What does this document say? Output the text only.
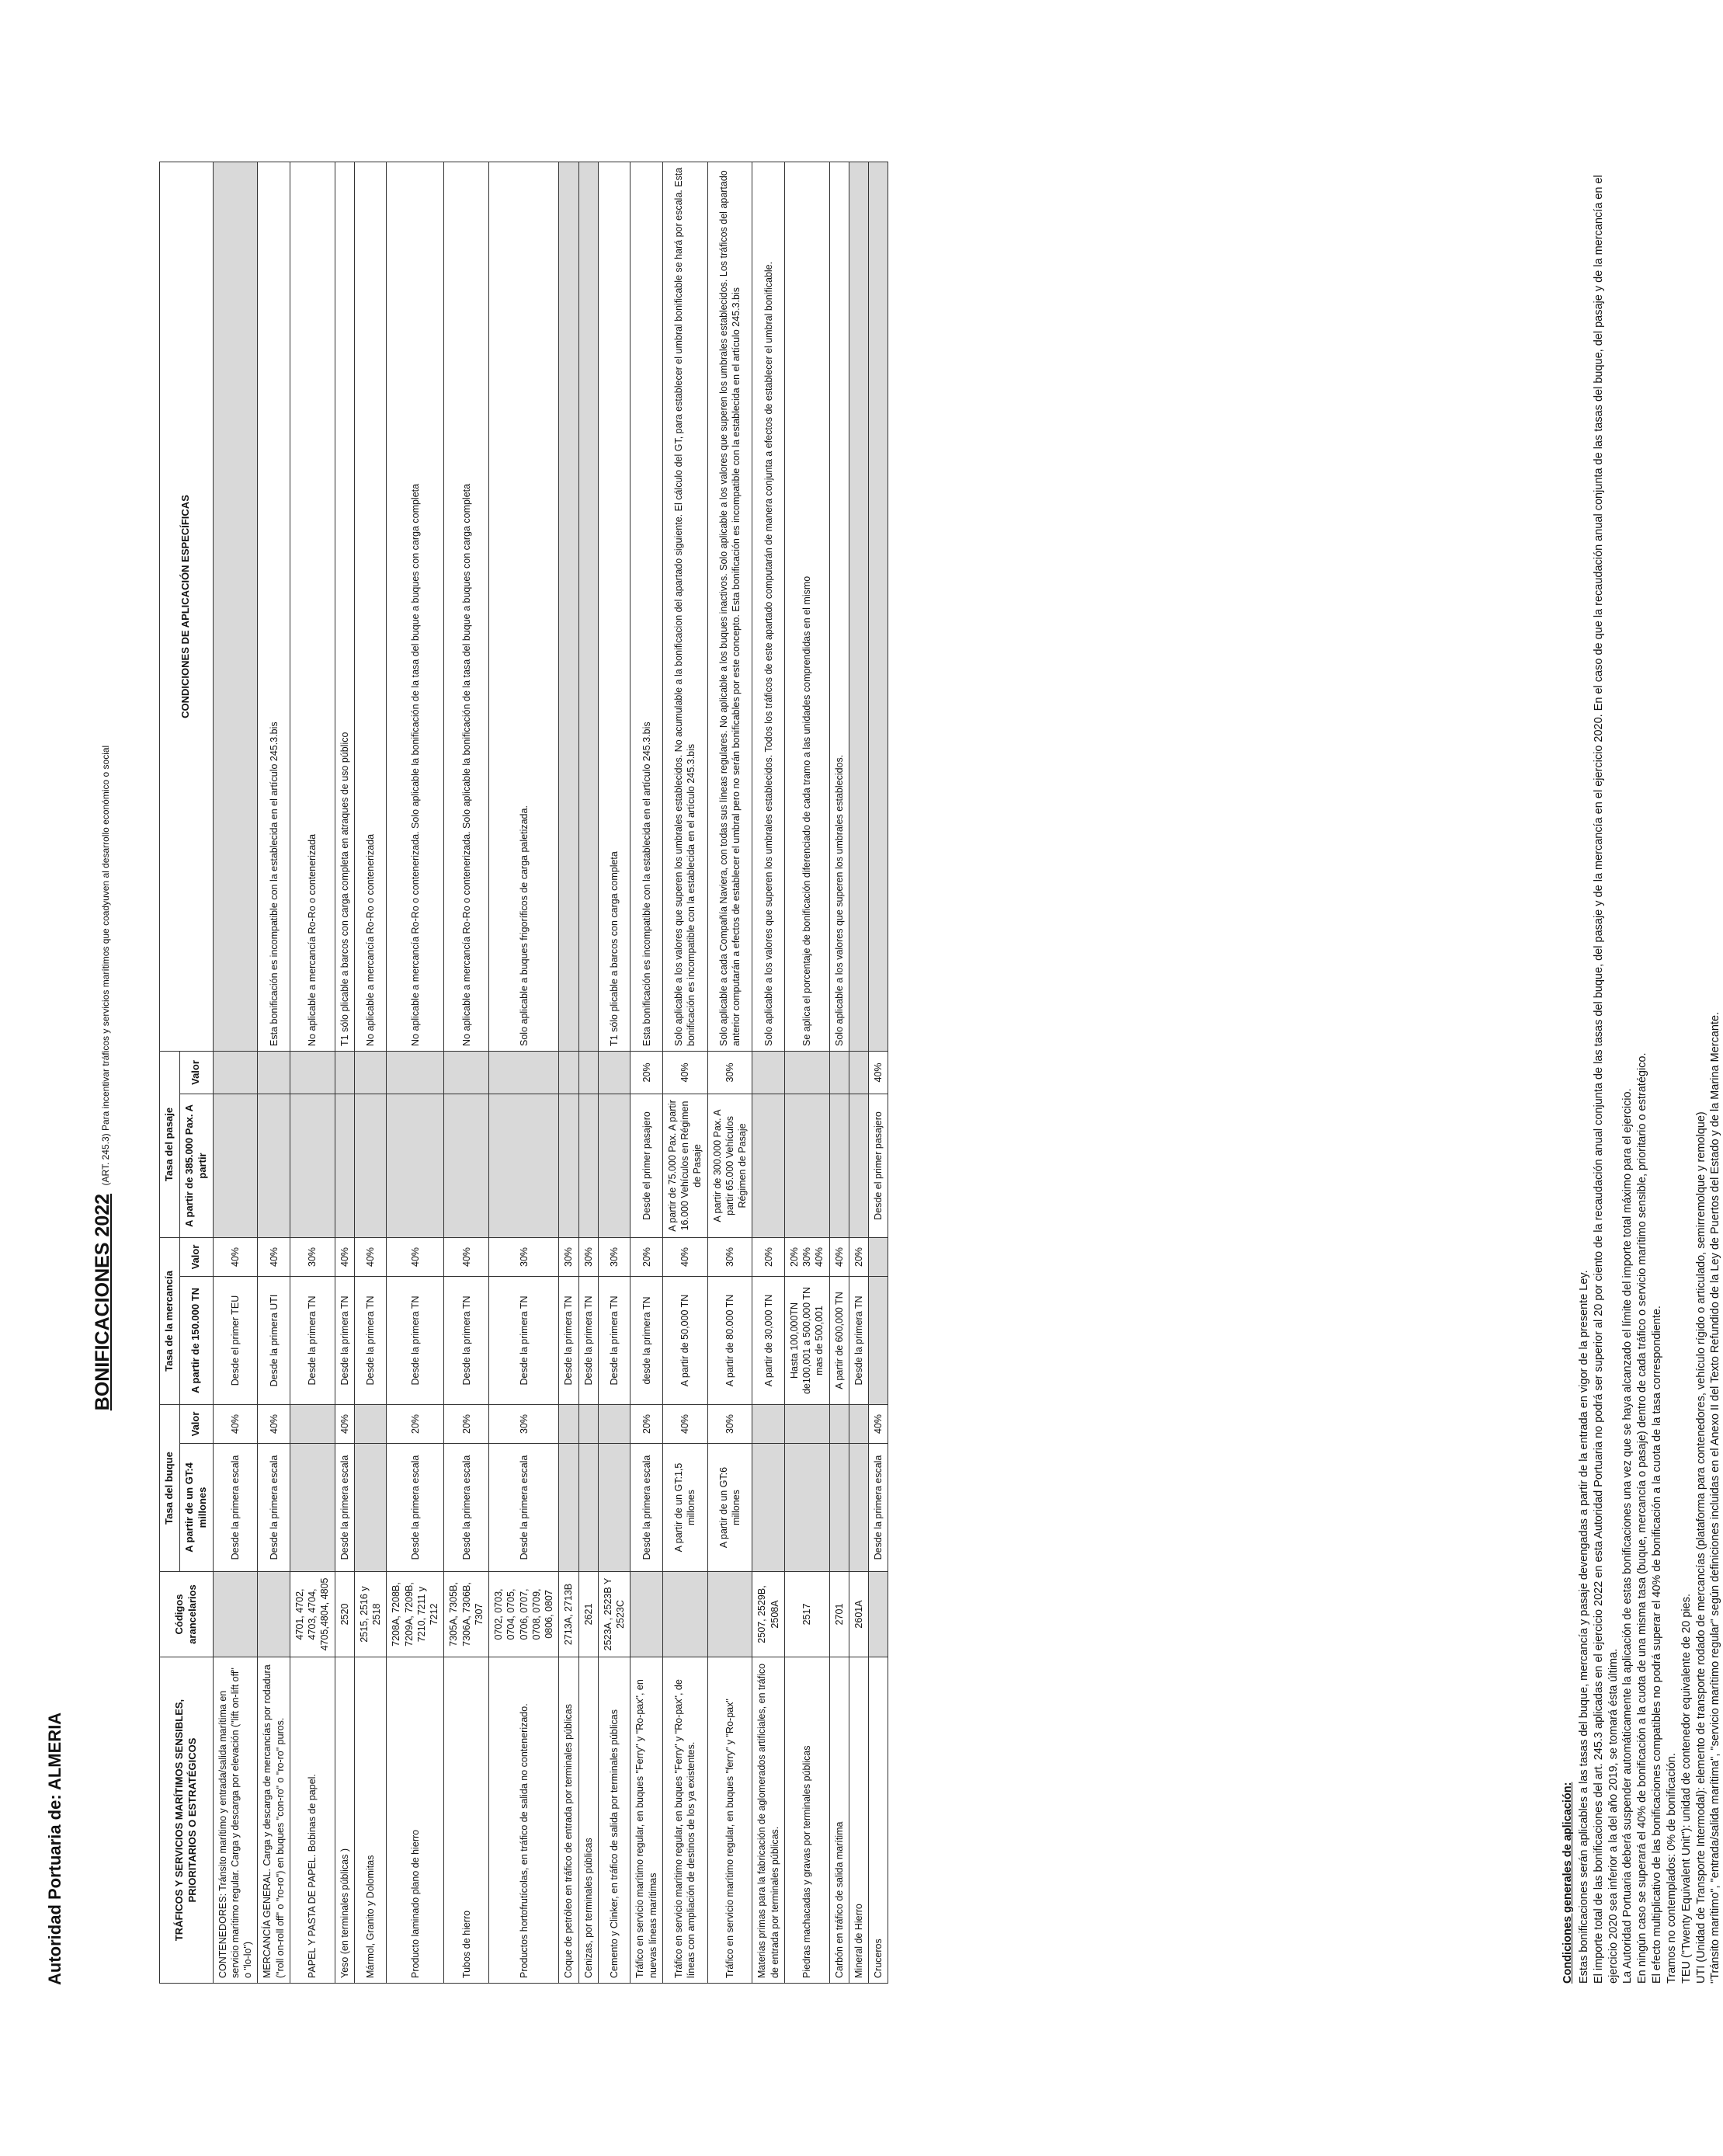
Autoridad Portuaria de: ALMERIA
BONIFICACIONES 2022 (ART. 245.3) Para incentivar tráficos y servicios marítimos que coadyuven al desarrollo económico o social
TRÁFICOS Y SERVICIOS MARÍTIMOS SENSIBLES, PRIORITARIOS O ESTRATÉGICOS	Códigos arancelarios	Tasa del buque		Tasa de la mercancía		Tasa del pasaje		CONDICIONES DE APLICACIÓN ESPECÍFICAS
		A partir de un GT:4 millones	Valor	A partir de 150.000 TN	Valor	A partir de 385.000 Pax. A partir	Valor	
CONTENEDORES: Tránsito marítimo y entrada/salida marítima en servicio marítimo regular. Carga y descarga por elevación ("lift on-lift off" o "lo-lo")		Desde la primera escala	40%	Desde el primer TEU	40%			
MERCANCÍA GENERAL. Carga y descarga de mercancías por rodadura ("roll on-roll off" o "ro-ro") en buques "con-ro" o "ro-ro" puros.		Desde la primera escala	40%	Desde la primera UTI	40%			Esta bonificación es incompatible con la establecida en el artículo 245.3.bis
PAPEL Y PASTA DE PAPEL. Bobinas de papel.	4701, 4702, 4703, 4704, 4705,4804, 4805			Desde la primera TN	30%			No aplicable a mercancía Ro-Ro o contenerizada
Yeso (en terminales públicas )	2520	Desde la primera escala	40%	Desde la primera TN	40%			T1 sólo plicable a barcos con carga completa en atraques de uso público
Mármol, Granito y Dolomitas	2515, 2516 y 2518			Desde la primera TN	40%			No aplicable a mercancía Ro-Ro o contenerizada
Producto laminado plano de hierro	7208A, 7208B, 7209A, 7209B, 7210, 7211 y 7212	Desde la primera escala	20%	Desde la primera TN	40%			No aplicable a mercancía Ro-Ro o contenerizada. Solo aplicable la bonificación de la tasa del buque a buques con carga completa
Tubos de hierro	7305A, 7305B, 7306A, 7306B, 7307	Desde la primera escala	20%	Desde la primera TN	40%			No aplicable a mercancía Ro-Ro o contenerizada. Solo aplicable la bonificación de la tasa del buque a buques con carga completa
Productos hortofrutícolas, en tráfico de salida no contenerizado.	0702, 0703, 0704, 0705, 0706, 0707, 0708, 0709, 0806, 0807	Desde la primera escala	30%	Desde la primera TN	30%			Solo aplicable a buques frigoríficos de carga paletizada.
Coque de petróleo en tráfico de entrada por terminales públicas	2713A, 2713B			Desde la primera TN	30%			
Cenizas, por terminales públicas	2621			Desde la primera TN	30%			
Cemento y Clinker, en tráfico de salida por terminales públicas	2523A , 2523B Y 2523C			Desde la primera TN	30%			T1 sólo plicable a barcos con carga completa
Tráfico en servicio marítimo regular, en buques "Ferry" y "Ro-pax", en nuevas líneas marítimas		Desde la primera escala	20%	desde la primera TN	20%	Desde el primer pasajero	20%	Esta bonificación es incompatible con la establecida en el artículo 245.3.bis
Tráfico en servicio marítimo regular, en buques "Ferry" y "Ro-pax", de líneas con ampliación de destinos de los ya existentes.		A partir de un GT:1,5 millones	40%	A partir de 50,000 TN	40%	A partir de 75.000 Pax. A partir 16.000 Vehículos en Régimen de Pasaje	40%	Solo aplicable a los valores que superen los umbrales establecidos. No acumulable a la bonificacion del apartado siguiente. El cálculo del GT, para establecer el umbral bonificable se hará por escala. Esta bonificación es incompatible con la establecida en el artículo 245.3.bis
Tráfico en servicio marítimo regular, en buques "ferry" y "Ro-pax"		A partir de un GT:6 millones	30%	A partir de 80.000 TN	30%	A partir de 300.000 Pax. A partir 65.000 Vehículos Régimen de Pasaje	30%	Solo aplicable a cada Compañía Naviera, con todas sus líneas regulares. No aplicable a los buques inactivos. Solo aplicable a los valores que superen los umbrales establecidos. Los tráficos del apartado anterior computarán a efectos de establecer el umbral pero no serán bonificables por este concepto. Esta bonificación es incompatible con la establecida en el artículo 245.3.bis
Materias primas para la fabricación de aglomerados artificiales, en tráfico de entrada por terminales públicas.	2507, 2529B, 2508A			A partir de 30,000 TN	20%			Solo aplicable a los valores que superen los umbrales establecidos. Todos los tráficos de este apartado computarán de manera conjunta a efectos de establecer el umbral bonificable.
Piedras machacadas y gravas por terminales públicas	2517			Hasta 100,000TN de100,001 a 500,000 TN mas de 500,001	20% 30% 40%			Se aplica el porcentaje de bonificación diferenciado de cada tramo a las unidades comprendidas en el mismo
Carbón en tráfico de salida marítima	2701			A partir de 600,000 TN	40%			Solo aplicable a los valores que superen los umbrales establecidos.
Mineral de Hierro	2601A			Desde la primera TN	20%			
Cruceros		Desde la primera escala	40%			Desde el primer pasajero	40%	
Condiciones generales de aplicación: Estas bonificaciones serán aplicables a las tasas del buque, mercancía y pasaje devengadas a partir de la entrada en vigor de la presente Ley. El importe total de las bonificaciones del art. 245.3 aplicadas en el ejercicio 2022 en esta Autoridad Portuaria no podrá ser superior al 20 por ciento de la recaudación anual conjunta de las tasas del buque, del pasaje y de la mercancía en el ejercicio 2020. En el caso de que la recaudación anual conjunta de las tasas del buque, del pasaje y de la mercancía en el ejercicio 2020 sea inferior a la del año 2019, se tomará ésta última. La Autoridad Portuaria deberá suspender automáticamente la aplicación de estas bonificaciones una vez que se haya alcanzado el límite del importe total máximo para el ejercicio. En ningún caso se superará el 40% de bonificación a la cuota de una misma tasa (buque, mercancía o pasaje) dentro de cada tráfico o servicio marítimo sensible, prioritario o estratégico. El efecto multiplicativo de las bonificaciones compatibles no podrá superar el 40% de bonificación a la cuota de la tasa correspondiente. Tramos no contemplados: 0% de bonificación. TEU ("Twenty Equivalent Unit"): unidad de contenedor equivalente de 20 pies. UTI (Unidad de Transporte Intermodal): elemento de transporte rodado de mercancías (plataforma para contenedores, vehículo rígido o articulado, semirremolque y remolque) "Tránsito marítimo", "entrada/salida marítima", "servicio marítimo regular" según definiciones incluidas en el Anexo II del Texto Refundido de la Ley de Puertos del Estado y de la Marina Mercante.
